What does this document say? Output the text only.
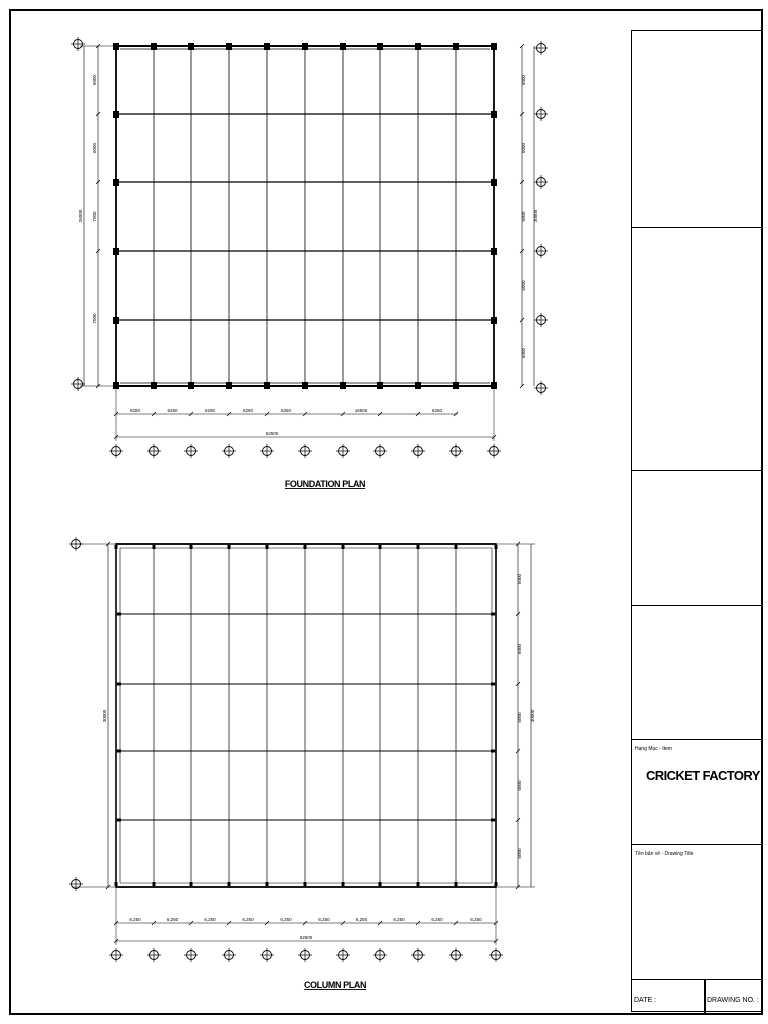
6250	6250	6250	6250	6250	16500	6250
62500
6000
6000
7000
7000
26000
6000
6000
6000
6000
6000
30000
FOUNDATION PLAN
6,250	6,250	6,250	6,250	6,250	6,250	6,250	6,250	6,250	6,250
62500
30000
6000
6000
6000
6000
6000
30000
COLUMN PLAN
Hạng Mục - Item
CRICKET FACTORY
Tên bản vẽ - Drawing Title
DATE :	DRAWING NO. :
